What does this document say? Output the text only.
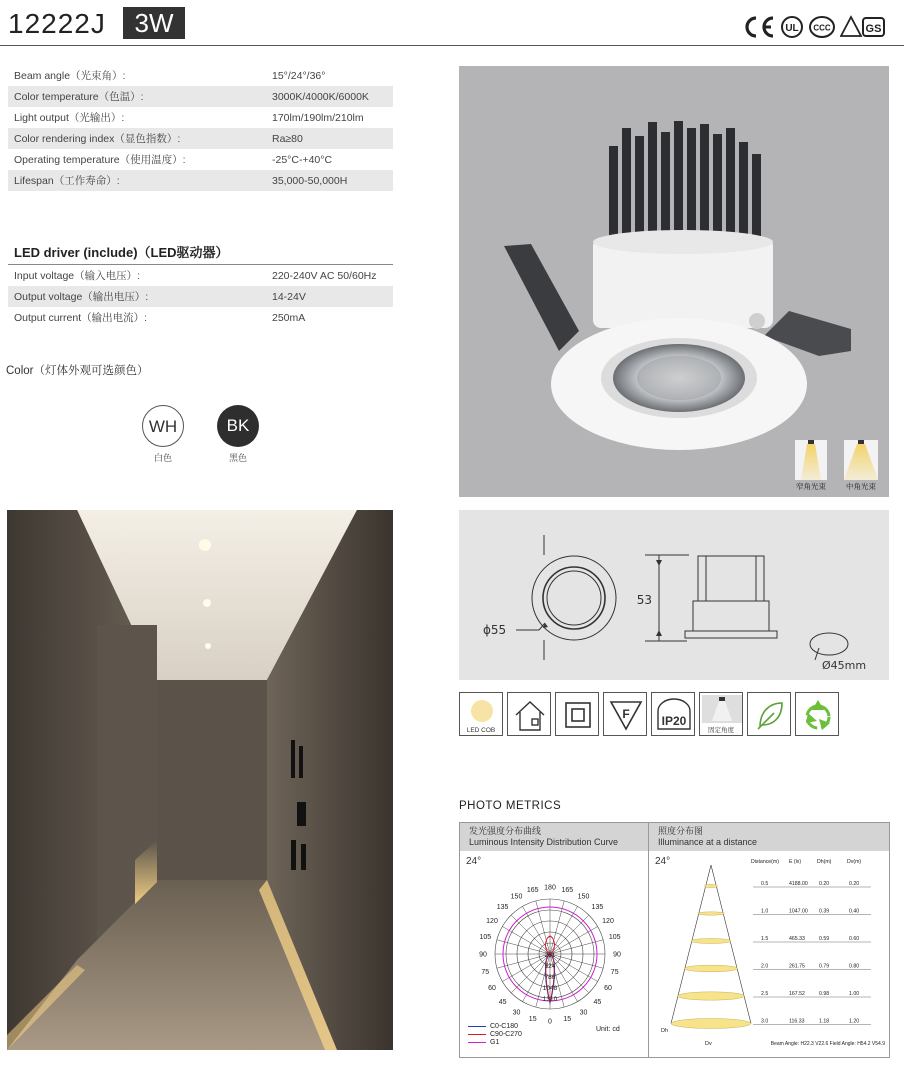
12222J	3W	UL CCC	GS
Beam angle（光束角）:	15°/24°/36°
Color temperature（色温）:	3000K/4000K/6000K
Light output（光输出）:	170lm/190lm/210lm
Color rendering index（显色指数）:	Ra≥80
Operating temperature（使用温度）:	-25°C-+40°C
Lifespan（工作寿命）:	35,000-50,000H
LED driver (include)（LED驱动器）
Input voltage（输入电压）:	220-240V AC 50/60Hz
Output voltage（输出电压）:	14-24V
Output current（输出电流）:	250mA
Color（灯体外观可选颜色）
WH
白色
BK
黑色
窄角光束	中角光束
ϕ55
53
Ø45mm
LED COB
F	IP20
固定角度
PHOTO METRICS
发光强度分布曲线
Luminous Intensity Distribution Curve
24°
180
165	165
150	150
135	135
120	120
105	105
90	90
75	75
60	60
45	45
30	30
15	15
0
261
524
786
1048
1310
C0-C180
C90-C270
G1
Unit: cd
照度分布图
Illuminance at a distance
24°	Distance(m) E (lx)	Dh(m)	Dv(m)
0.5	4188.00 0.20	0.20
1.0	1047.00 0.39	0.40
1.5	465.33	0.59	0.60
2.0	261.75	0.79	0.80
2.5	167.52	0.98	1.00
3.0	116.33	1.18	1.20
Dh
Dv	Beam Angle: H22.3 V22.6 Field Angle: H54.2 V54.9
